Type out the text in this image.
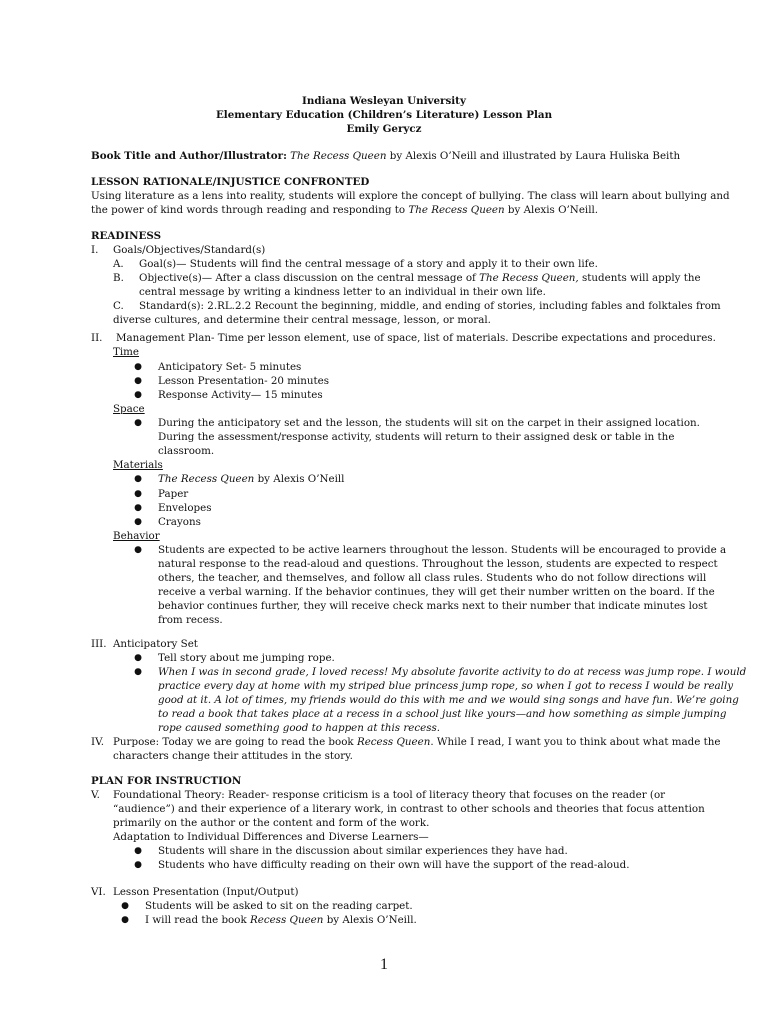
Indiana Wesleyan University
Elementary Education (Children’s Literature) Lesson Plan
Emily Gerycz
Book Title and Author/Illustrator: The Recess Queen by Alexis O’Neill and illustrated by Laura Huliska Beith
LESSON RATIONALE/INJUSTICE CONFRONTED
Using literature as a lens into reality, students will explore the concept of bullying. The class will learn about bullying and
the power of kind words through reading and responding to The Recess Queen by Alexis O’Neill.
READINESS
I. Goals/Objectives/Standard(s)
A. Goal(s)— Students will find the central message of a story and apply it to their own life.
B. Objective(s)— After a class discussion on the central message of The Recess Queen, students will apply the
central message by writing a kindness letter to an individual in their own life.
C. Standard(s): 2.RL.2.2 Recount the beginning, middle, and ending of stories, including fables and folktales from
diverse cultures, and determine their central message, lesson, or moral.
II. Management Plan- Time per lesson element, use of space, list of materials. Describe expectations and procedures.
Time
● Anticipatory Set- 5 minutes
● Lesson Presentation- 20 minutes
● Response Activity— 15 minutes
Space
● During the anticipatory set and the lesson, the students will sit on the carpet in their assigned location.
During the assessment/response activity, students will return to their assigned desk or table in the
classroom.
Materials
● The Recess Queen by Alexis O’Neill
● Paper
● Envelopes
● Crayons
Behavior
● Students are expected to be active learners throughout the lesson. Students will be encouraged to provide a
natural response to the read-aloud and questions. Throughout the lesson, students are expected to respect
others, the teacher, and themselves, and follow all class rules. Students who do not follow directions will
receive a verbal warning. If the behavior continues, they will get their number written on the board. If the
behavior continues further, they will receive check marks next to their number that indicate minutes lost
from recess.
III. Anticipatory Set
● Tell story about me jumping rope.
● When I was in second grade, I loved recess! My absolute favorite activity to do at recess was jump rope. I would
practice every day at home with my striped blue princess jump rope, so when I got to recess I would be really
good at it. A lot of times, my friends would do this with me and we would sing songs and have fun. We’re going
to read a book that takes place at a recess in a school just like yours—and how something as simple jumping
rope caused something good to happen at this recess.
IV. Purpose: Today we are going to read the book Recess Queen. While I read, I want you to think about what made the
characters change their attitudes in the story.
PLAN FOR INSTRUCTION
V. Foundational Theory: Reader- response criticism is a tool of literacy theory that focuses on the reader (or
“audience”) and their experience of a literary work, in contrast to other schools and theories that focus attention
primarily on the author or the content and form of the work.
Adaptation to Individual Differences and Diverse Learners—
● Students will share in the discussion about similar experiences they have had.
● Students who have difficulty reading on their own will have the support of the read-aloud.
VI. Lesson Presentation (Input/Output)
● Students will be asked to sit on the reading carpet.
● I will read the book Recess Queen by Alexis O’Neill.
1
